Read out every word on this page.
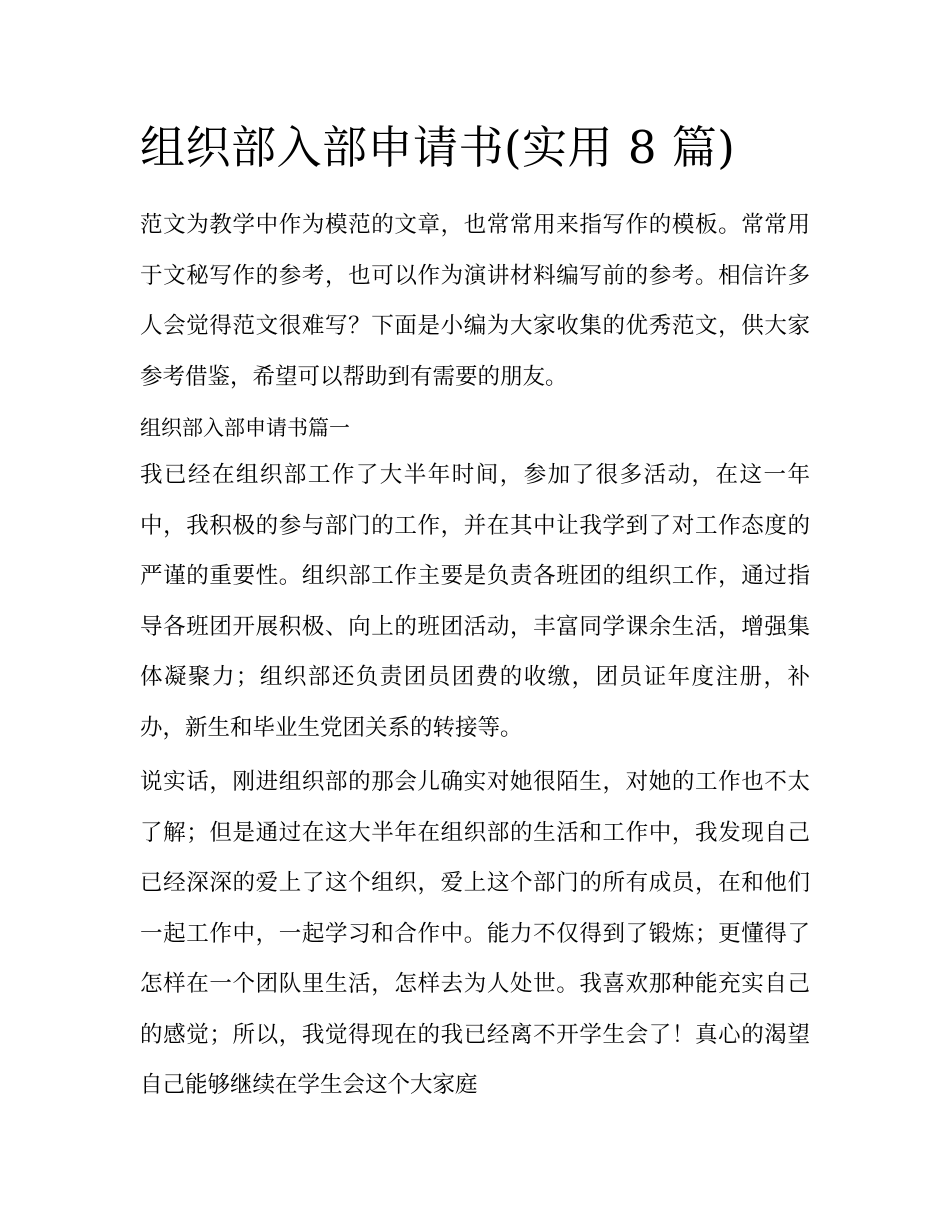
组织部入部申请书(实用 8 篇)

范文为教学中作为模范的文章，也常常用来指写作的模板。常常用于文秘写作的参考，也可以作为演讲材料编写前的参考。相信许多人会觉得范文很难写？下面是小编为大家收集的优秀范文，供大家参考借鉴，希望可以帮助到有需要的朋友。

组织部入部申请书篇一

我已经在组织部工作了大半年时间，参加了很多活动，在这一年中，我积极的参与部门的工作，并在其中让我学到了对工作态度的严谨的重要性。组织部工作主要是负责各班团的组织工作，通过指导各班团开展积极、向上的班团活动，丰富同学课余生活，增强集体凝聚力；组织部还负责团员团费的收缴，团员证年度注册，补办，新生和毕业生党团关系的转接等。

说实话，刚进组织部的那会儿确实对她很陌生，对她的工作也不太了解；但是通过在这大半年在组织部的生活和工作中，我发现自己已经深深的爱上了这个组织，爱上这个部门的所有成员，在和他们一起工作中，一起学习和合作中。能力不仅得到了锻炼；更懂得了怎样在一个团队里生活，怎样去为人处世。我喜欢那种能充实自己的感觉；所以，我觉得现在的我已经离不开学生会了！真心的渴望自己能够继续在学生会这个大家庭
